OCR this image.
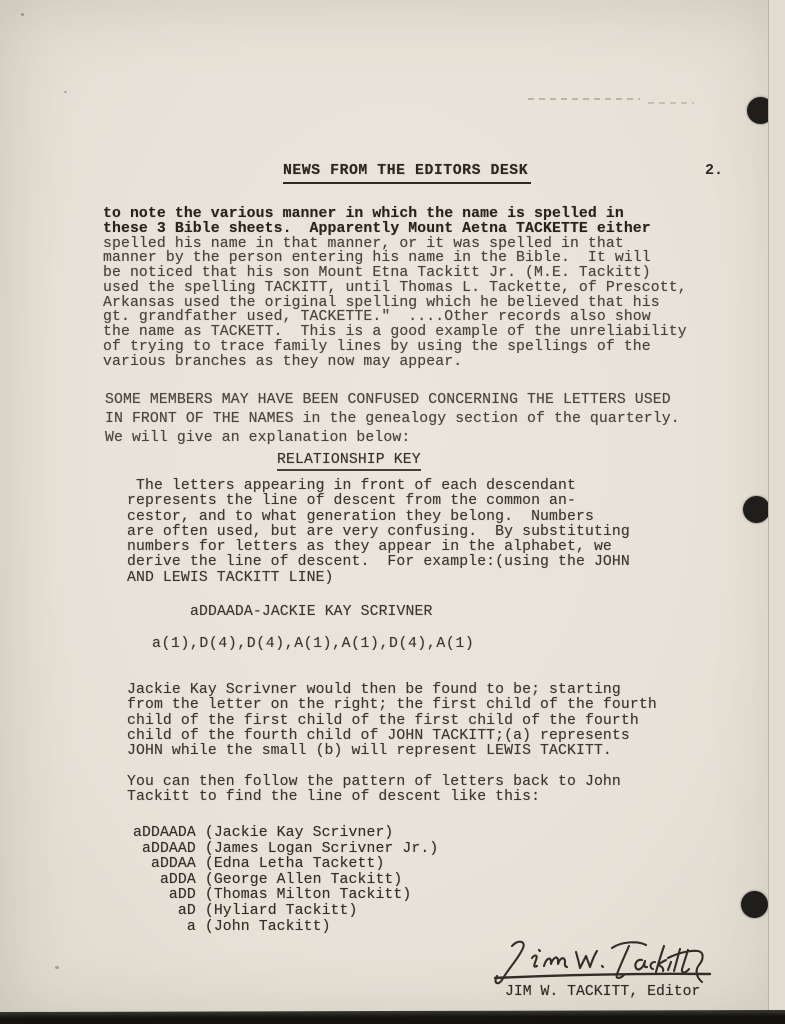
NEWS FROM THE EDITORS DESK	2.
to note the various manner in which the name is spelled in
these 3 Bible sheets.  Apparently Mount Aetna TACKETTE either
spelled his name in that manner, or it was spelled in that
manner by the person entering his name in the Bible.  It will
be noticed that his son Mount Etna Tackitt Jr. (M.E. Tackitt)
used the spelling TACKITT, until Thomas L. Tackette, of Prescott,
Arkansas used the original spelling which he believed that his
gt. grandfather used, TACKETTE."  ....Other records also show
the name as TACKETT.  This is a good example of the unreliability
of trying to trace family lines by using the spellings of the
various branches as they now may appear.
SOME MEMBERS MAY HAVE BEEN CONFUSED CONCERNING THE LETTERS USED
IN FRONT OF THE NAMES in the genealogy section of the quarterly.
We will give an explanation below:
RELATIONSHIP KEY
The letters appearing in front of each descendant
represents the line of descent from the common an-
cestor, and to what generation they belong.  Numbers
are often used, but are very confusing.  By substituting
numbers for letters as they appear in the alphabet, we
derive the line of descent.  For example:(using the JOHN
AND LEWIS TACKITT LINE)
aDDAADA-JACKIE KAY SCRIVNER
a(1),D(4),D(4),A(1),A(1),D(4),A(1)
Jackie Kay Scrivner would then be found to be; starting
from the letter on the right; the first child of the fourth
child of the first child of the first child of the fourth
child of the fourth child of JOHN TACKITT;(a) represents
JOHN while the small (b) will represent LEWIS TACKITT.
You can then follow the pattern of letters back to John
Tackitt to find the line of descent like this:
aDDAADA (Jackie Kay Scrivner)
aDDAAD (James Logan Scrivner Jr.)
aDDAA (Edna Letha Tackett)
aDDA (George Allen Tackitt)
aDD (Thomas Milton Tackitt)
aD (Hyliard Tackitt)
a (John Tackitt)
JIM W. TACKITT, Editor
